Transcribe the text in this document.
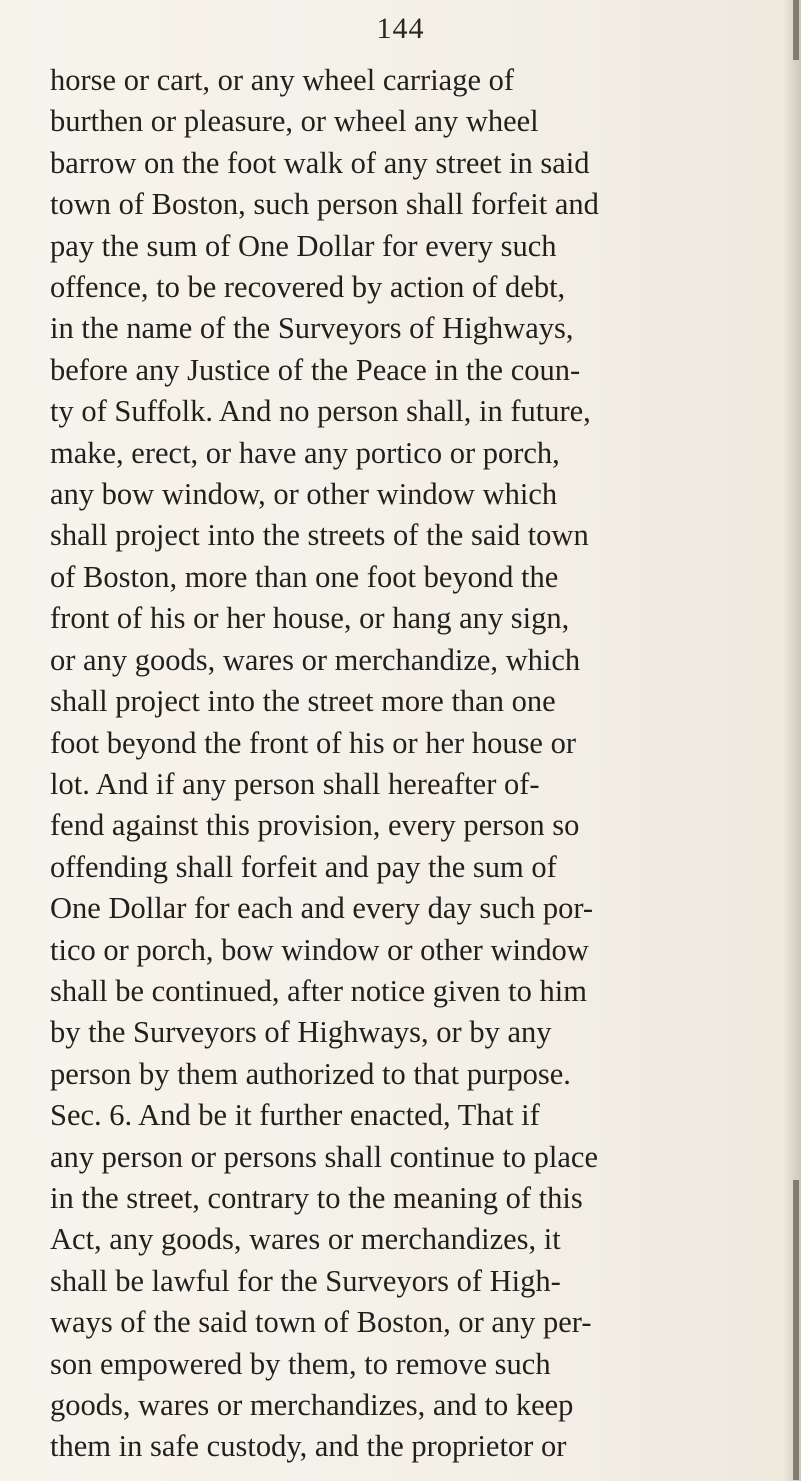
144
horse or cart, or any wheel carriage of
burthen or pleasure, or wheel any wheel
barrow on the foot walk of any street in said
town of Boston, such person shall forfeit and
pay the sum of One Dollar for every such
offence, to be recovered by action of debt,
in the name of the Surveyors of Highways,
before any Justice of the Peace in the coun-
ty of Suffolk. And no person shall, in future,
make, erect, or have any portico or porch,
any bow window, or other window which
shall project into the streets of the said town
of Boston, more than one foot beyond the
front of his or her house, or hang any sign,
or any goods, wares or merchandize, which
shall project into the street more than one
foot beyond the front of his or her house or
lot. And if any person shall hereafter of-
fend against this provision, every person so
offending shall forfeit and pay the sum of
One Dollar for each and every day such por-
tico or porch, bow window or other window
shall be continued, after notice given to him
by the Surveyors of Highways, or by any
person by them authorized to that purpose.
Sec. 6. And be it further enacted, That if
any person or persons shall continue to place
in the street, contrary to the meaning of this
Act, any goods, wares or merchandizes, it
shall be lawful for the Surveyors of High-
ways of the said town of Boston, or any per-
son empowered by them, to remove such
goods, wares or merchandizes, and to keep
them in safe custody, and the proprietor or
